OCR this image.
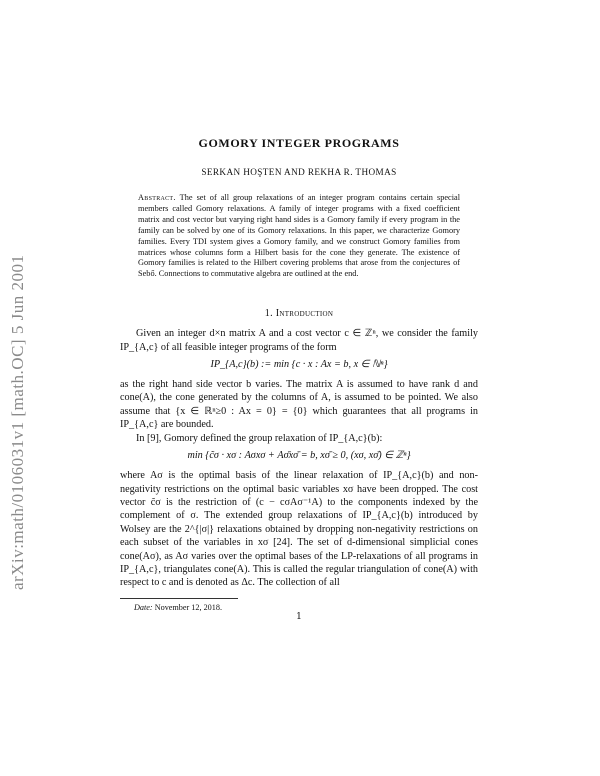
arXiv:math/0106031v1 [math.OC] 5 Jun 2001
GOMORY INTEGER PROGRAMS
SERKAN HOŞTEN AND REKHA R. THOMAS
Abstract. The set of all group relaxations of an integer program contains certain special members called Gomory relaxations. A family of integer programs with a fixed coefficient matrix and cost vector but varying right hand sides is a Gomory family if every program in the family can be solved by one of its Gomory relaxations. In this paper, we characterize Gomory families. Every TDI system gives a Gomory family, and we construct Gomory families from matrices whose columns form a Hilbert basis for the cone they generate. The existence of Gomory families is related to the Hilbert covering problems that arose from the conjectures of Sebő. Connections to commutative algebra are outlined at the end.
1. Introduction

Given an integer d×n matrix A and a cost vector c ∈ ℤⁿ, we consider the family IP_{A,c} of all feasible integer programs of the form

IP_{A,c}(b) := min {c · x : Ax = b, x ∈ ℕⁿ}

as the right hand side vector b varies. The matrix A is assumed to have rank d and cone(A), the cone generated by the columns of A, is assumed to be pointed. We also assume that {x ∈ ℝⁿ≥0 : Ax = 0} = {0} which guarantees that all programs in IP_{A,c} are bounded.

In [9], Gomory defined the group relaxation of IP_{A,c}(b):

min {c̃σ · xσ : Aσxσ + Aσ̄xσ̄ = b, xσ̄ ≥ 0, (xσ, xσ̄) ∈ ℤⁿ}

where Aσ is the optimal basis of the linear relaxation of IP_{A,c}(b) and non-negativity restrictions on the optimal basic variables xσ have been dropped. The cost vector c̃σ is the restriction of (c − cσAσ⁻¹A) to the components indexed by the complement of σ. The extended group relaxations of IP_{A,c}(b) introduced by Wolsey are the 2^{|σ|} relaxations obtained by dropping non-negativity restrictions on each subset of the variables in xσ [24]. The set of d-dimensional simplicial cones cone(Aσ), as Aσ varies over the optimal bases of the LP-relaxations of all programs in IP_{A,c}, triangulates cone(A). This is called the regular triangulation of cone(A) with respect to c and is denoted as Δc. The collection of all

Date: November 12, 2018.
1
